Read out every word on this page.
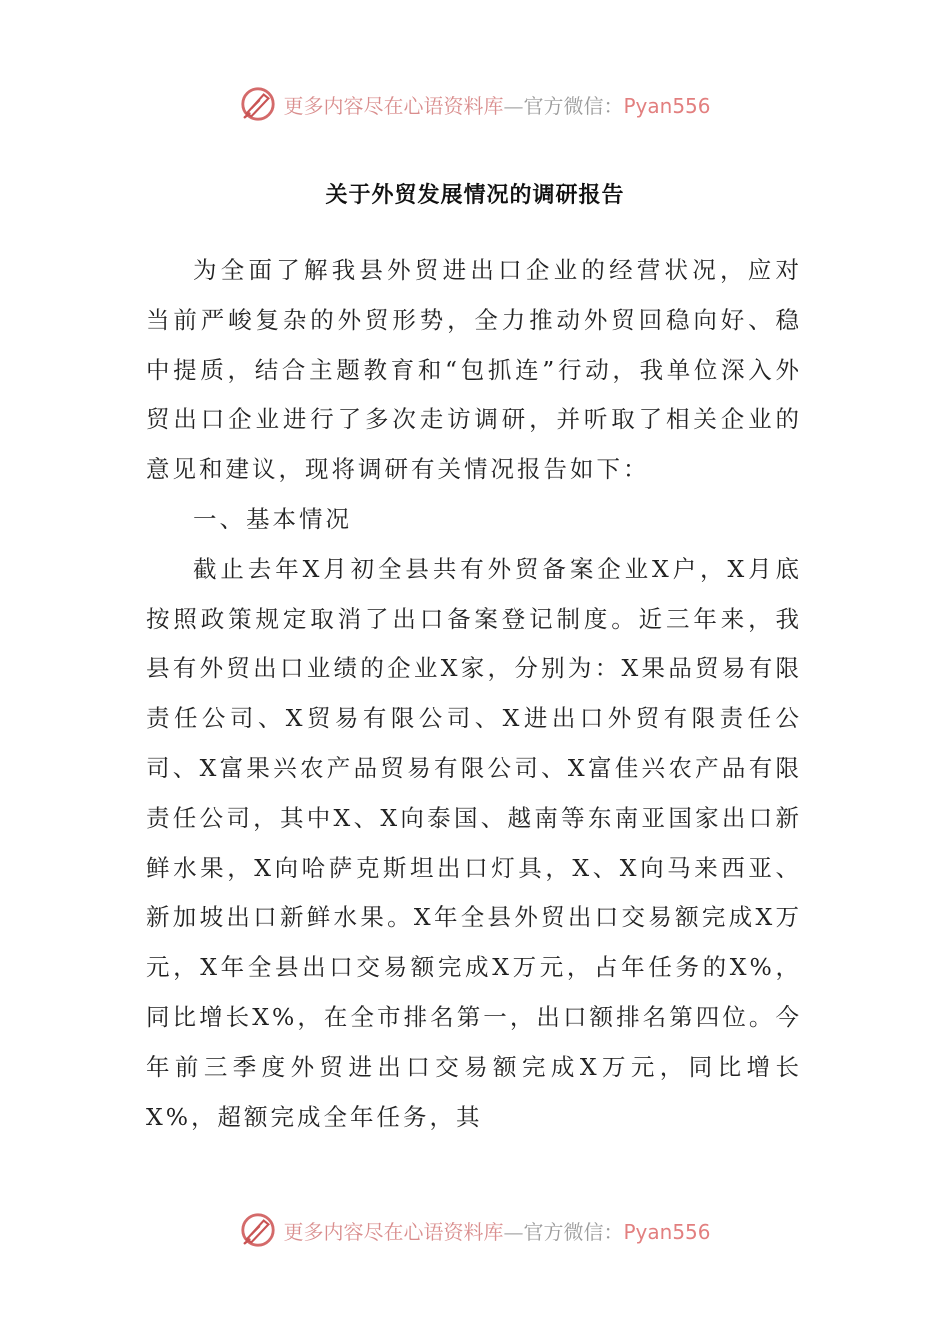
更多内容尽在心语资料库—官方微信：Pyan556
关于外贸发展情况的调研报告

为全面了解我县外贸进出口企业的经营状况，应对当前严峻复杂的外贸形势，全力推动外贸回稳向好、稳中提质，结合主题教育和“包抓连”行动，我单位深入外贸出口企业进行了多次走访调研，并听取了相关企业的意见和建议，现将调研有关情况报告如下：

一、基本情况

截止去年X月初全县共有外贸备案企业X户，X月底按照政策规定取消了出口备案登记制度。近三年来，我县有外贸出口业绩的企业X家，分别为：X果品贸易有限责任公司、X贸易有限公司、X进出口外贸有限责任公司、X富果兴农产品贸易有限公司、X富佳兴农产品有限责任公司，其中X、X向泰国、越南等东南亚国家出口新鲜水果，X向哈萨克斯坦出口灯具，X、X向马来西亚、新加坡出口新鲜水果。X年全县外贸出口交易额完成X万元，X年全县出口交易额完成X万元，占年任务的X%，同比增长X%，在全市排名第一，出口额排名第四位。今年前三季度外贸进出口交易额完成X万元，同比增长X%，超额完成全年任务，其

更多内容尽在心语资料库—官方微信：Pyan556
